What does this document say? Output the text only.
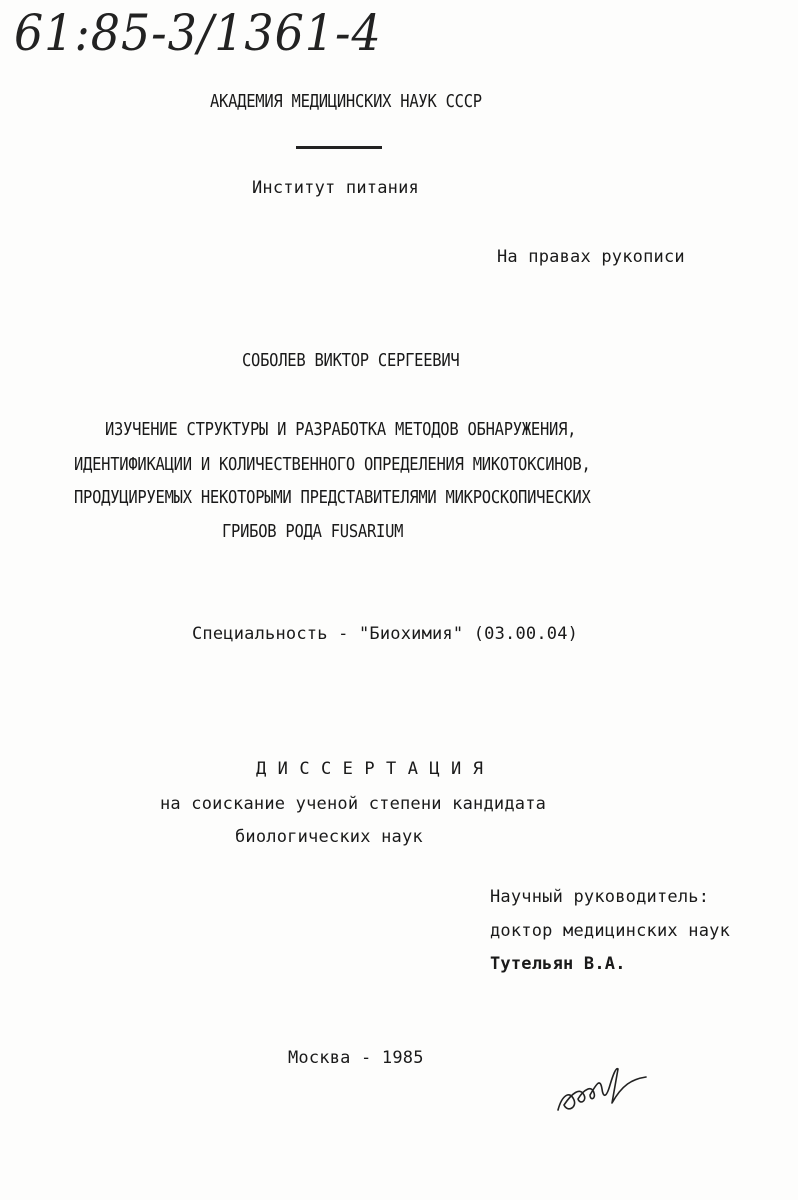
61:85-3/1361-4
АКАДЕМИЯ МЕДИЦИНСКИХ НАУК СССР
Институт питания
На правах рукописи
СОБОЛЕВ ВИКТОР СЕРГЕЕВИЧ
ИЗУЧЕНИЕ СТРУКТУРЫ И РАЗРАБОТКА МЕТОДОВ ОБНАРУЖЕНИЯ,
ИДЕНТИФИКАЦИИ И КОЛИЧЕСТВЕННОГО ОПРЕДЕЛЕНИЯ МИКОТОКСИНОВ,
ПРОДУЦИРУЕМЫХ НЕКОТОРЫМИ ПРЕДСТАВИТЕЛЯМИ МИКРОСКОПИЧЕСКИХ
ГРИБОВ РОДА FUSARIUM
Специальность - "Биохимия" (03.00.04)
Д И С С Е Р Т А Ц И Я
на соискание ученой степени кандидата
биологических наук
Научный руководитель:
доктор медицинских наук
Тутельян В.А.
Москва - 1985
